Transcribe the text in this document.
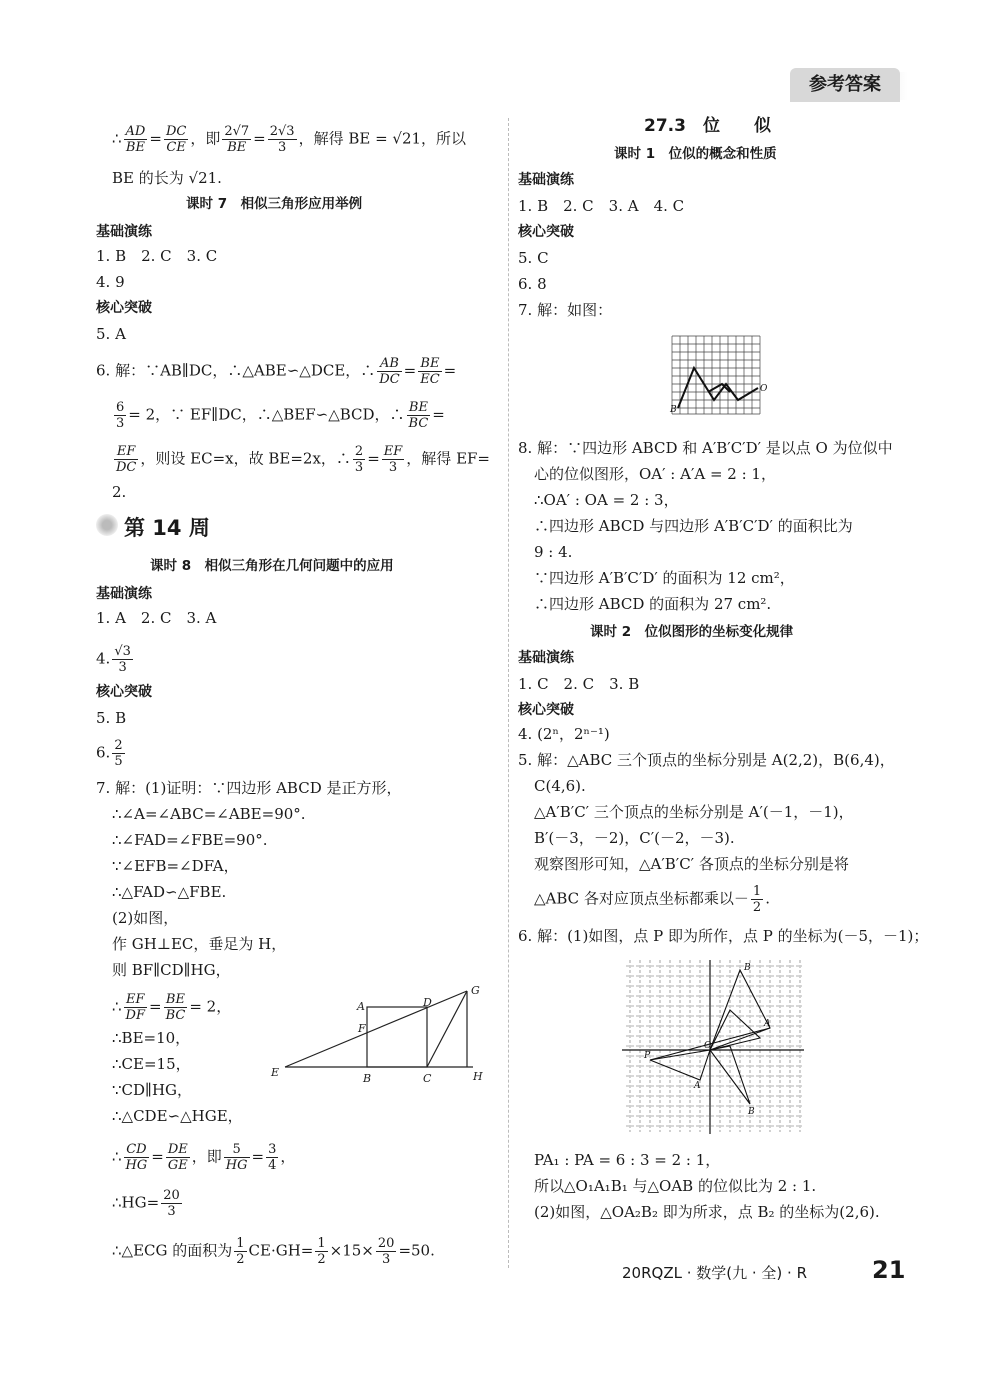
参考答案
∴ $\frac{AD}{BE} = \frac{DC}{CE}$ ，即 $\frac{2√7}{BE} = \frac{2√3}{3}$ ，解得 BE = √21，所以
BE 的长为 √21.
课时 7　相似三角形应用举例
基础演练
1. B　2. C　3. C
4. 9
核心突破
5. A
6. 解：∵AB∥DC，∴△ABE∽△DCE，∴ $\frac{AB}{DC} = \frac{BE}{EC}$ =
$\frac{6}{3} = 2$，∵ EF∥DC，∴△BEF∽△BCD，∴ $\frac{BE}{BC}$ =
$\frac{EF}{DC}$ ，则设 EC=x，故 BE=2x，∴ $\frac{2}{3} = \frac{EF}{3}$ ，解得 EF=
2.
第 14 周
课时 8　相似三角形在几何问题中的应用
基础演练
1. A　2. C　3. A
4. $\frac{√3}{3}$
核心突破
5. B
6. $\frac{2}{5}$
7. 解：(1)证明：∵四边形 ABCD 是正方形，
∴∠A=∠ABC=∠ABE=90°.
∴∠FAD=∠FBE=90°.
∵∠EFB=∠DFA，
∴△FAD∽△FBE.
(2)如图，
作 GH⊥EC，垂足为 H，
则 BF∥CD∥HG，
∴ $\frac{EF}{DF} = \frac{BE}{BC} = 2$，
∴BE=10，
∴CE=15，
∵CD∥HG，
∴△CDE∽△HGE，
∴ $\frac{CD}{HG} = \frac{DE}{GE}$ ，即 $\frac{5}{HG} = \frac{3}{4}$ ，
∴HG= $\frac{20}{3}$
∴△ECG 的面积为 $\frac{1}{2} CE\cdot GH= \frac{1}{2} \times 15\times \frac{20}{3} =50$.
A	D
G
F
E	B	C	H
27.3　位　　似
课时 1　位似的概念和性质
基础演练
1. B　2. C　3. A　4. C
核心突破
5. C
6. 8
7. 解：如图：
B
O
8. 解：∵四边形 ABCD 和 A′B′C′D′ 是以点 O 为位似中
心的位似图形，OA′ : A′A = 2 : 1，
∴OA′ : OA = 2 : 3，
∴四边形 ABCD 与四边形 A′B′C′D′ 的面积比为
9 : 4.
∵四边形 A′B′C′D′ 的面积为 12 cm²，
∴四边形 ABCD 的面积为 27 cm².
课时 2　位似图形的坐标变化规律
基础演练
1. C　2. C　3. B
核心突破
4. (2ⁿ，2ⁿ⁻¹)
5. 解：△ABC 三个顶点的坐标分别是 A(2,2)，B(6,4)，
C(4,6).
△A′B′C′ 三个顶点的坐标分别是 A′(－1，－1)，
B′(－3，－2)，C′(－2，－3).
观察图形可知，△A′B′C′ 各顶点的坐标分别是将
△ABC 各对应顶点坐标都乘以－ $\frac{1}{2}$ .
6. 解：(1)如图，点 P 即为所作，点 P 的坐标为(－5，－1)；
B
A
O
P
A
B
PA₁ : PA = 6 : 3 = 2 : 1，
所以△O₁A₁B₁ 与△OAB 的位似比为 2 : 1.
(2)如图，△OA₂B₂ 即为所求，点 B₂ 的坐标为(2,6).
20RQZL · 数学(九 · 全) · R	21
